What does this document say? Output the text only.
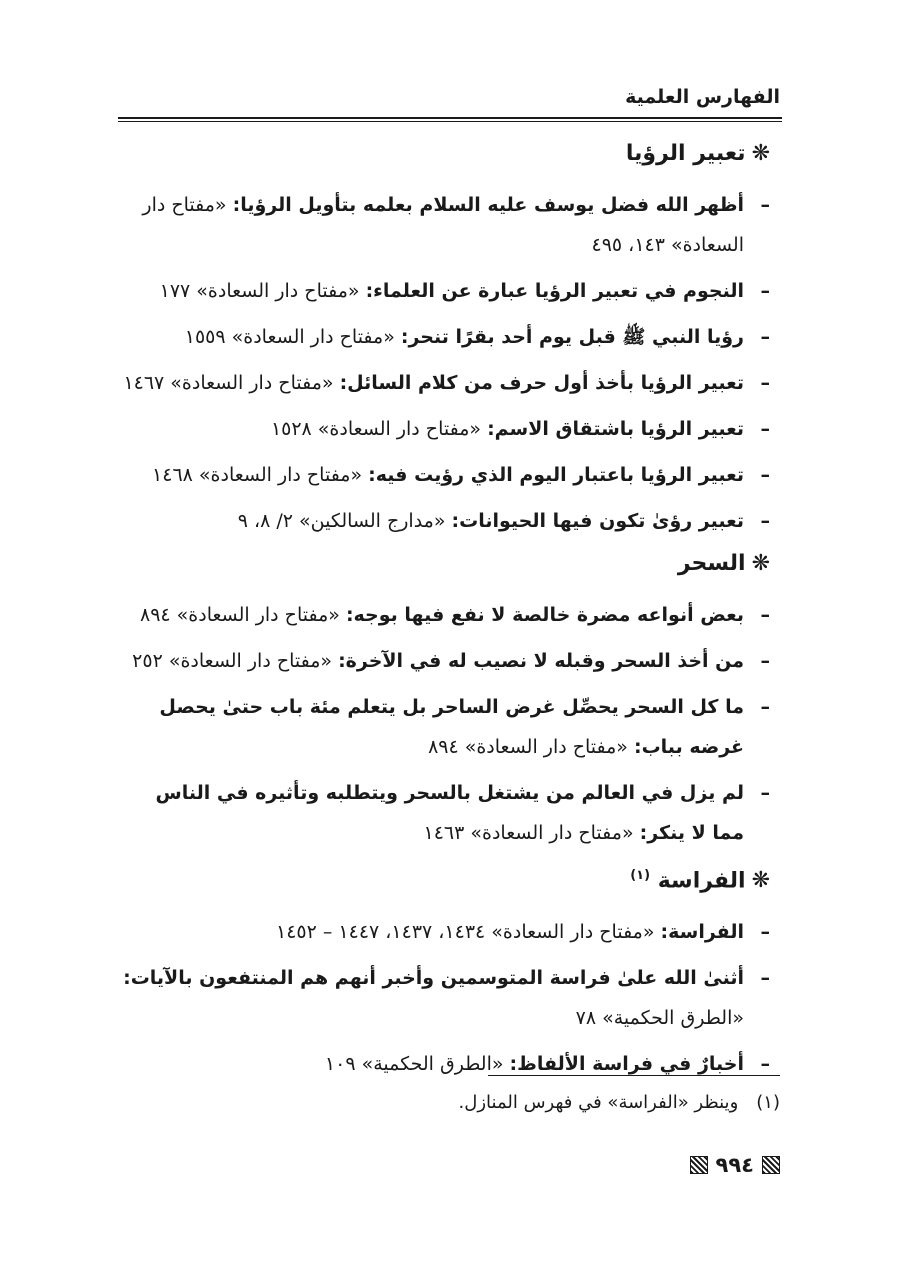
الفهارس العلمية
❋تعبير الرؤيا
–
أظهر الله فضل يوسف عليه السلام بعلمه بتأويل الرؤيا: «مفتاح دار السعادة» ١٤٣، ٤٩٥
–
النجوم في تعبير الرؤيا عبارة عن العلماء: «مفتاح دار السعادة» ١٧٧
–
رؤيا النبي ﷺ قبل يوم أحد بقرًا تنحر: «مفتاح دار السعادة» ١٥٥٩
–
تعبير الرؤيا بأخذ أول حرف من كلام السائل: «مفتاح دار السعادة» ١٤٦٧
–
تعبير الرؤيا باشتقاق الاسم: «مفتاح دار السعادة» ١٥٢٨
–
تعبير الرؤيا باعتبار اليوم الذي رؤيت فيه: «مفتاح دار السعادة» ١٤٦٨
–
تعبير رؤىٰ تكون فيها الحيوانات: «مدارج السالكين» ٢/ ٨، ٩
❋السحر
–
بعض أنواعه مضرة خالصة لا نفع فيها بوجه: «مفتاح دار السعادة» ٨٩٤
–
من أخذ السحر وقبله لا نصيب له في الآخرة: «مفتاح دار السعادة» ٢٥٢
–
ما كل السحر يحصِّل غرض الساحر بل يتعلم مئة باب حتىٰ يحصل غرضه بباب: «مفتاح دار السعادة» ٨٩٤
–
لم يزل في العالم من يشتغل بالسحر ويتطلبه وتأثيره في الناس مما لا ينكر: «مفتاح دار السعادة» ١٤٦٣
❋الفراسة $^{(١)}$
–
الفراسة: «مفتاح دار السعادة» ١٤٣٤، ١٤٣٧، ١٤٤٧ – ١٤٥٢
–
أثنىٰ الله علىٰ فراسة المتوسمين وأخبر أنهم هم المنتفعون بالآيات: «الطرق الحكمية» ٧٨
–
أخبارٌ في فراسة الألفاظ: «الطرق الحكمية» ١٠٩
(١)وينظر «الفراسة» في فهرس المنازل.
٩٩٤
